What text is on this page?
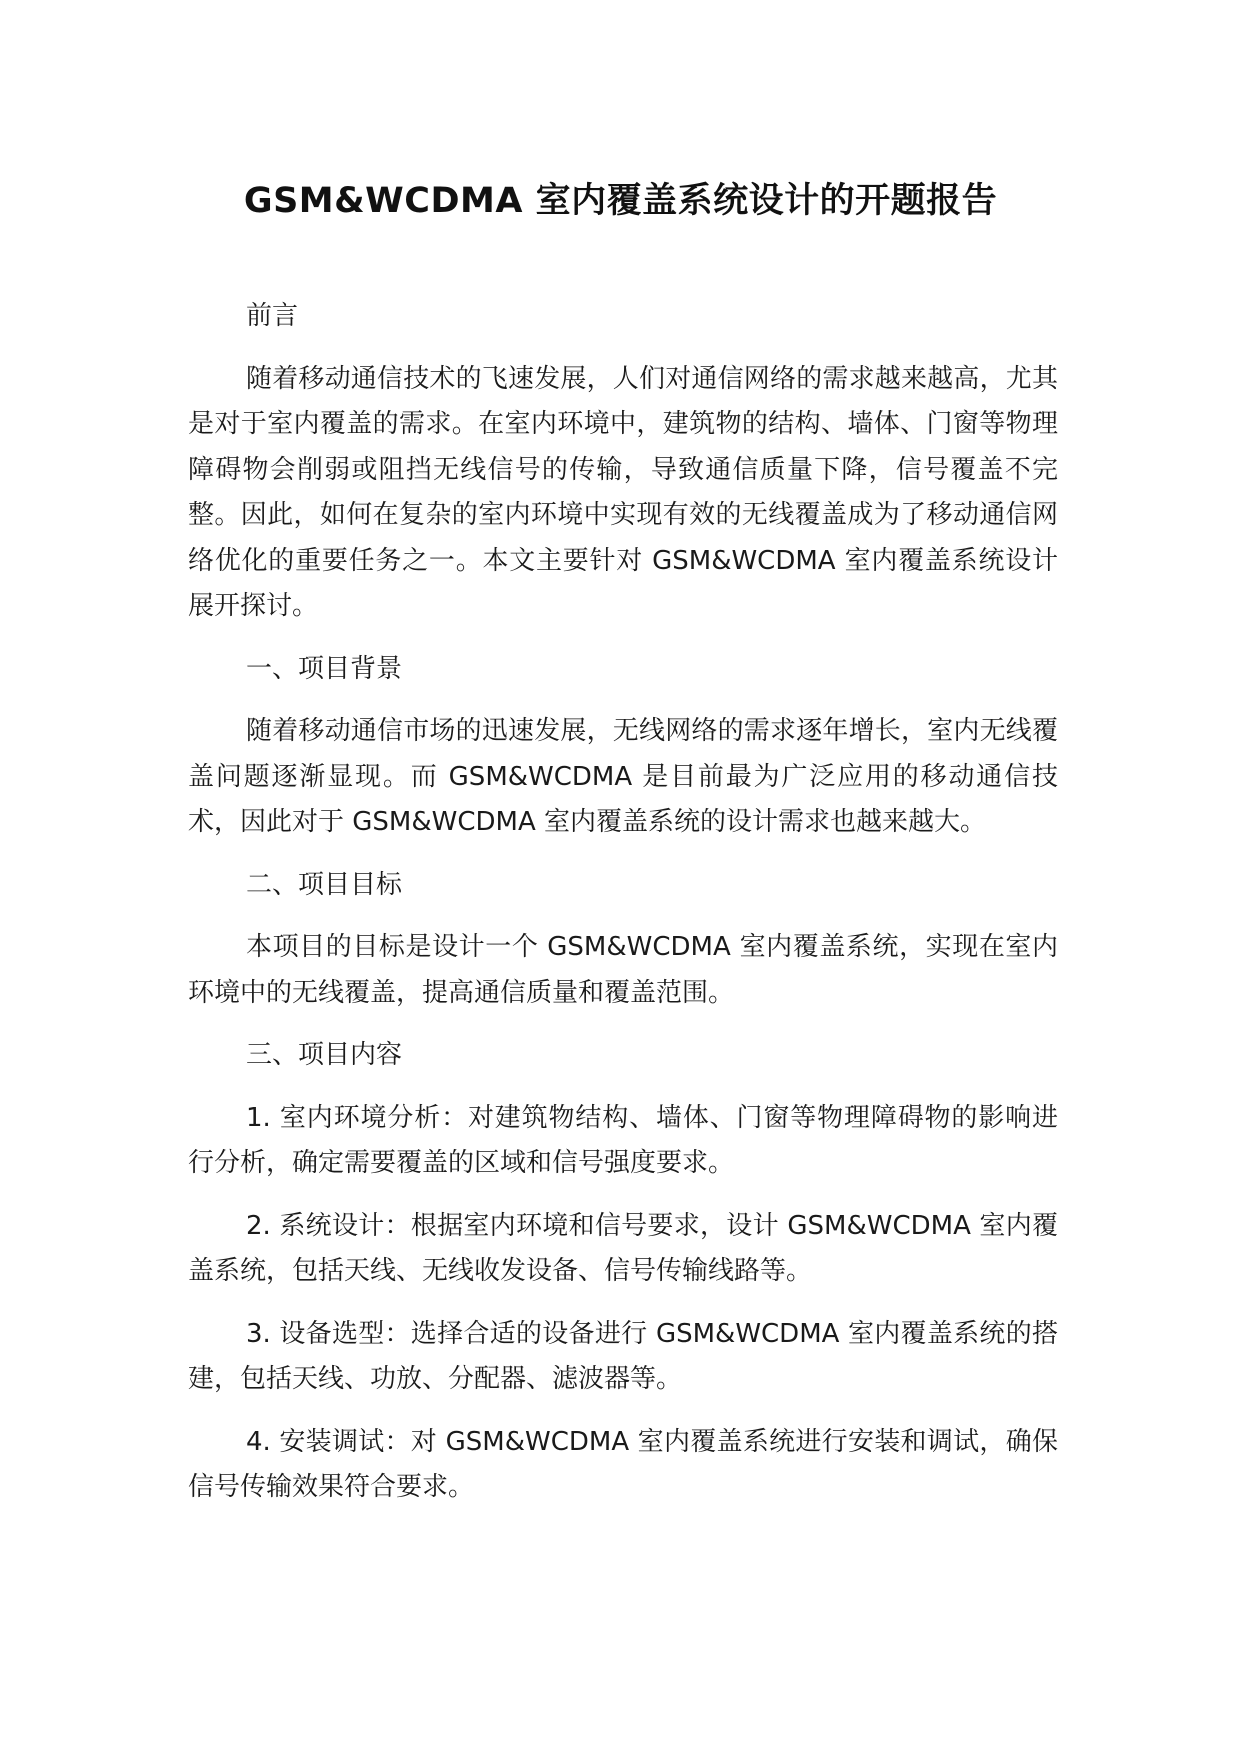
GSM&WCDMA 室内覆盖系统设计的开题报告

前言

随着移动通信技术的飞速发展，人们对通信网络的需求越来越高，尤其是对于室内覆盖的需求。在室内环境中，建筑物的结构、墙体、门窗等物理障碍物会削弱或阻挡无线信号的传输，导致通信质量下降，信号覆盖不完整。因此，如何在复杂的室内环境中实现有效的无线覆盖成为了移动通信网络优化的重要任务之一。本文主要针对 GSM&WCDMA 室内覆盖系统设计展开探讨。

一、项目背景

随着移动通信市场的迅速发展，无线网络的需求逐年增长，室内无线覆盖问题逐渐显现。而 GSM&WCDMA 是目前最为广泛应用的移动通信技术，因此对于 GSM&WCDMA 室内覆盖系统的设计需求也越来越大。

二、项目目标

本项目的目标是设计一个 GSM&WCDMA 室内覆盖系统，实现在室内环境中的无线覆盖，提高通信质量和覆盖范围。

三、项目内容

1. 室内环境分析：对建筑物结构、墙体、门窗等物理障碍物的影响进行分析，确定需要覆盖的区域和信号强度要求。

2. 系统设计：根据室内环境和信号要求，设计 GSM&WCDMA 室内覆盖系统，包括天线、无线收发设备、信号传输线路等。

3. 设备选型：选择合适的设备进行 GSM&WCDMA 室内覆盖系统的搭建，包括天线、功放、分配器、滤波器等。

4. 安装调试：对 GSM&WCDMA 室内覆盖系统进行安装和调试，确保信号传输效果符合要求。
